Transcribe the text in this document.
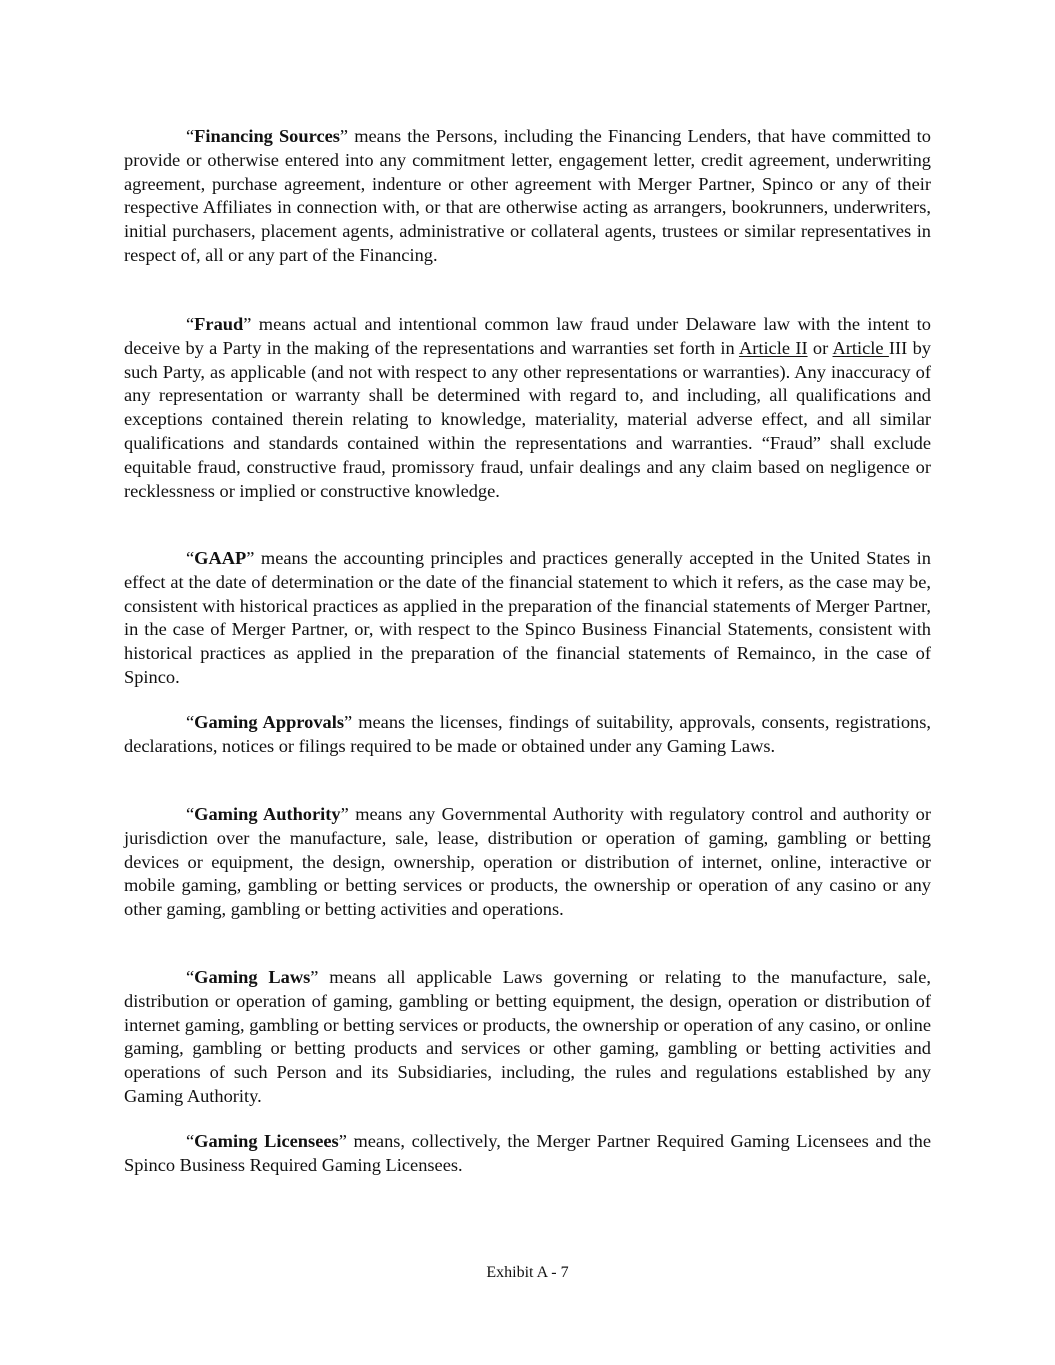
“Financing Sources” means the Persons, including the Financing Lenders, that have committed to provide or otherwise entered into any commitment letter, engagement letter, credit agreement, underwriting agreement, purchase agreement, indenture or other agreement with Merger Partner, Spinco or any of their respective Affiliates in connection with, or that are otherwise acting as arrangers, bookrunners, underwriters, initial purchasers, placement agents, administrative or collateral agents, trustees or similar representatives in respect of, all or any part of the Financing.

“Fraud” means actual and intentional common law fraud under Delaware law with the intent to deceive by a Party in the making of the representations and warranties set forth in Article II or Article III by such Party, as applicable (and not with respect to any other representations or warranties). Any inaccuracy of any representation or warranty shall be determined with regard to, and including, all qualifications and exceptions contained therein relating to knowledge, materiality, material adverse effect, and all similar qualifications and standards contained within the representations and warranties. “Fraud” shall exclude equitable fraud, constructive fraud, promissory fraud, unfair dealings and any claim based on negligence or recklessness or implied or constructive knowledge.

“GAAP” means the accounting principles and practices generally accepted in the United States in effect at the date of determination or the date of the financial statement to which it refers, as the case may be, consistent with historical practices as applied in the preparation of the financial statements of Merger Partner, in the case of Merger Partner, or, with respect to the Spinco Business Financial Statements, consistent with historical practices as applied in the preparation of the financial statements of Remainco, in the case of Spinco.

“Gaming Approvals” means the licenses, findings of suitability, approvals, consents, registrations, declarations, notices or filings required to be made or obtained under any Gaming Laws.

“Gaming Authority” means any Governmental Authority with regulatory control and authority or jurisdiction over the manufacture, sale, lease, distribution or operation of gaming, gambling or betting devices or equipment, the design, ownership, operation or distribution of internet, online, interactive or mobile gaming, gambling or betting services or products, the ownership or operation of any casino or any other gaming, gambling or betting activities and operations.

“Gaming Laws” means all applicable Laws governing or relating to the manufacture, sale, distribution or operation of gaming, gambling or betting equipment, the design, operation or distribution of internet gaming, gambling or betting services or products, the ownership or operation of any casino, or online gaming, gambling or betting products and services or other gaming, gambling or betting activities and operations of such Person and its Subsidiaries, including, the rules and regulations established by any Gaming Authority.

“Gaming Licensees” means, collectively, the Merger Partner Required Gaming Licensees and the Spinco Business Required Gaming Licensees.

Exhibit A - 7
